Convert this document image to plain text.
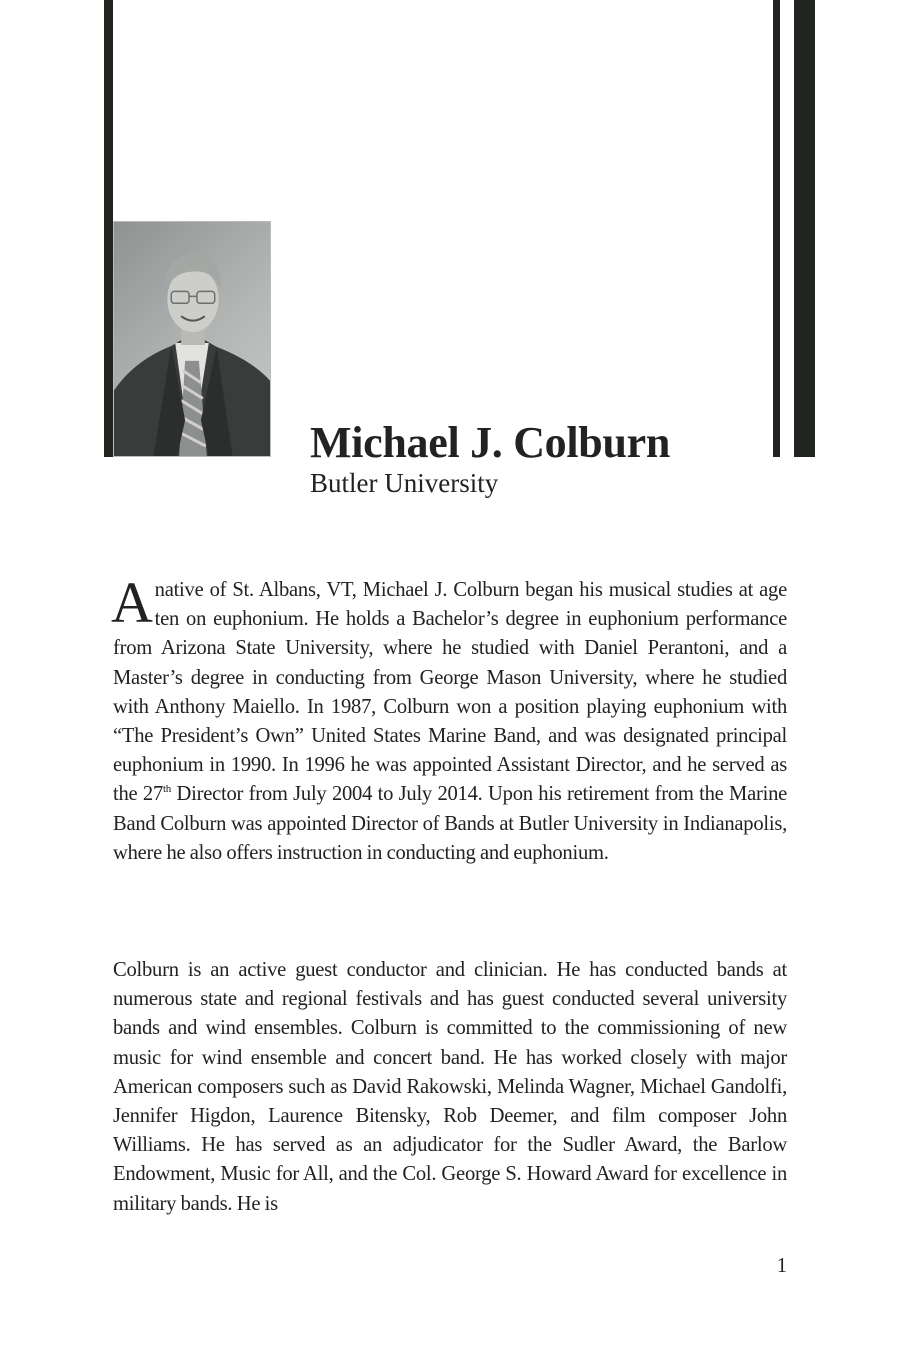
Michael J. Colburn
Butler University

A native of St. Albans, VT, Michael J. Colburn began his musical studies at age ten on euphonium. He holds a Bachelor’s degree in euphonium performance from Arizona State University, where he studied with Daniel Perantoni, and a Master’s degree in conducting from George Mason University, where he studied with Anthony Maiello. In 1987, Colburn won a position playing euphonium with “The President’s Own” United States Marine Band, and was designated principal euphonium in 1990. In 1996 he was appointed Assistant Director, and he served as the 27th Director from July 2004 to July 2014. Upon his retirement from the Marine Band Colburn was appointed Director of Bands at Butler University in Indianapolis, where he also offers instruction in conducting and euphonium.

Colburn is an active guest conductor and clinician. He has conducted bands at numerous state and regional festivals and has guest conducted several university bands and wind ensembles. Colburn is committed to the commissioning of new music for wind ensemble and concert band. He has worked closely with major American composers such as David Rakowski, Melinda Wagner, Michael Gandolfi, Jennifer Higdon, Laurence Bitensky, Rob Deemer, and film composer John Williams. He has served as an adjudicator for the Sudler Award, the Barlow Endowment, Music for All, and the Col. George S. Howard Award for excellence in military bands. He is

1
